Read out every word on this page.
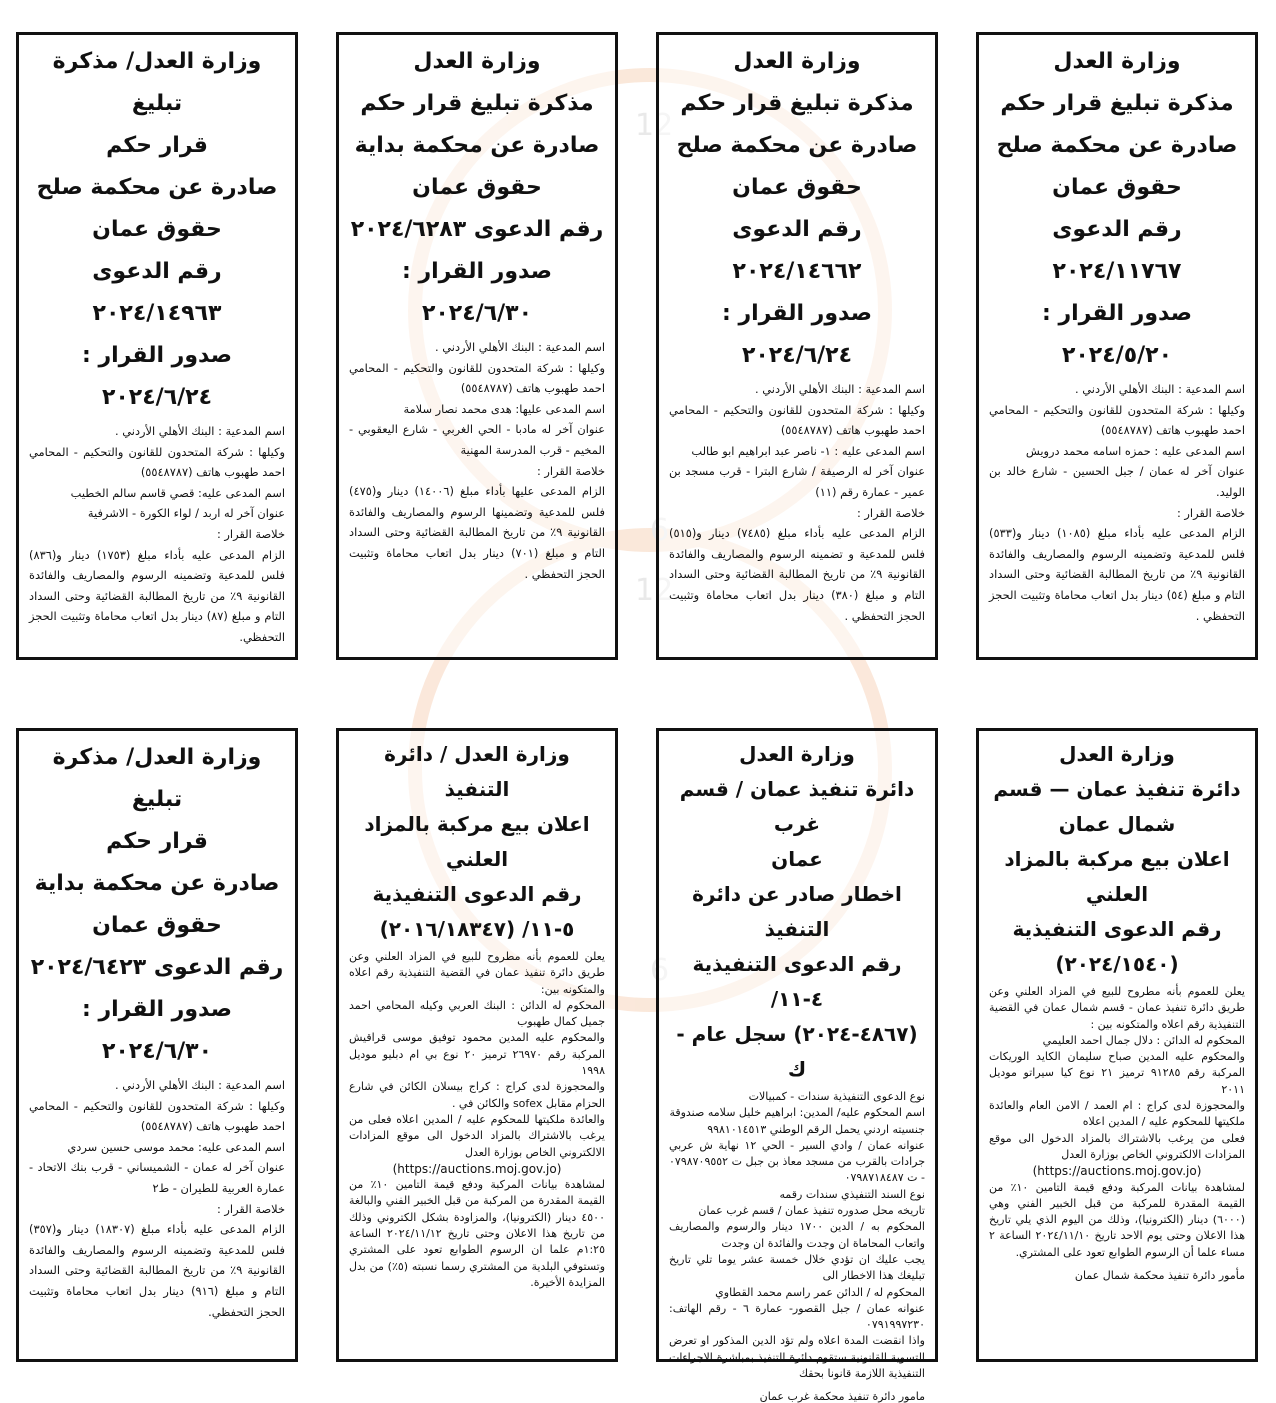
12
12
وزارة العدل
مذكرة تبليغ قرار حكم
صادرة عن محكمة صلح
حقوق عمان
رقم الدعوى ٢٠٢٤/١١٧٦٧
صدور القرار :
٢٠٢٤/٥/٢٠

اسم المدعية : البنك الأهلي الأردني .

وكيلها : شركة المتحدون للقانون والتحكيم - المحامي احمد طهبوب هاتف (٥٥٤٨٧٨٧)

اسم المدعى عليه : حمزه اسامه محمد درويش

عنوان آخر له عمان / جبل الحسين - شارع خالد بن الوليد.

خلاصة القرار :

الزام المدعى عليه بأداء مبلغ (١٠٨٥) دينار و(٥٣٣) فلس للمدعية وتضمينه الرسوم والمصاريف والفائدة القانونية ٩٪ من تاريخ المطالبة القضائية وحتى السداد التام و مبلغ (٥٤) دينار بدل اتعاب محاماة وتثبيت الحجز التحفظي .

وزارة العدل
مذكرة تبليغ قرار حكم
صادرة عن محكمة صلح
حقوق عمان
رقم الدعوى ٢٠٢٤/١٤٦٦٢
صدور القرار :
٢٠٢٤/٦/٢٤

اسم المدعية : البنك الأهلي الأردني .

وكيلها : شركة المتحدون للقانون والتحكيم - المحامي احمد طهبوب هاتف (٥٥٤٨٧٨٧)

اسم المدعى عليه : ١- ناصر عبد ابراهيم ابو طالب

عنوان آخر له الرصيفة / شارع البترا - قرب مسجد بن عمير - عمارة رقم (١١)

خلاصة القرار :

الزام المدعى عليه بأداء مبلغ (٧٤٨٥) دينار و(٥١٥) فلس للمدعية و تضمينه الرسوم والمصاريف والفائدة القانونية ٩٪ من تاريخ المطالبة القضائية وحتى السداد التام و مبلغ (٣٨٠) دينار بدل اتعاب محاماة وتثبيت الحجز التحفظي .

وزارة العدل
مذكرة تبليغ قرار حكم
صادرة عن محكمة بداية
حقوق عمان
رقم الدعوى ٢٠٢٤/٦٢٨٣
صدور القرار :
٢٠٢٤/٦/٣٠

اسم المدعية : البنك الأهلي الأردني .

وكيلها : شركة المتحدون للقانون والتحكيم - المحامي احمد طهبوب هاتف (٥٥٤٨٧٨٧)

اسم المدعى عليها: هدى محمد نصار سلامة

عنوان آخر له مادبا - الحي الغربي - شارع اليعقوبي - المخيم - قرب المدرسة المهنية

خلاصة القرار :

الزام المدعى عليها بأداء مبلغ (١٤٠٠٦) دينار و(٤٧٥) فلس للمدعية وتضمينها الرسوم والمصاريف والفائدة القانونية ٩٪ من تاريخ المطالبة القضائية وحتى السداد التام و مبلغ (٧٠١) دينار بدل اتعاب محاماة وتثبيت الحجز التحفظي .

وزارة العدل/ مذكرة تبليغ
قرار حكم
صادرة عن محكمة صلح
حقوق عمان
رقم الدعوى ٢٠٢٤/١٤٩٦٣
صدور القرار :
٢٠٢٤/٦/٢٤

اسم المدعية : البنك الأهلي الأردني .

وكيلها : شركة المتحدون للقانون والتحكيم - المحامي احمد طهبوب هاتف (٥٥٤٨٧٨٧)

اسم المدعى عليه: قصي قاسم سالم الخطيب

عنوان آخر له اربد / لواء الكورة - الاشرفية

خلاصة القرار :

الزام المدعى عليه بأداء مبلغ (١٧٥٣) دينار و(٨٣٦) فلس للمدعية وتضمينه الرسوم والمصاريف والفائدة القانونية ٩٪ من تاريخ المطالبة القضائية وحتى السداد التام و مبلغ (٨٧) دينار بدل اتعاب محاماة وتثبيت الحجز التحفظي.

وزارة العدل
دائرة تنفيذ عمان — قسم
شمال عمان
اعلان بيع مركبة بالمزاد
العلني
رقم الدعوى التنفيذية
(٢٠٢٤/١٥٤٠)

يعلن للعموم بأنه مطروح للبيع في المزاد العلني وعن طريق دائرة تنفيذ عمان - قسم شمال عمان في القضية التنفيذية رقم اعلاه والمتكونه بين :

المحكوم له الدائن : دلال جمال احمد العليمي

والمحكوم عليه المدين صباح سليمان الكايد الوريكات المركبة رقم ٩١٢٨٥ ترميز ٢١ نوع كيا سيراتو موديل ٢٠١١

والمحجوزة لدى كراج : ام العمد / الامن العام والعائدة ملكيتها للمحكوم عليه / المدين اعلاه

فعلى من يرغب بالاشتراك بالمزاد الدخول الى موقع المزادات الالكتروني الخاص بوزارة العدل

(https://auctions.moj.gov.jo)

لمشاهدة بيانات المركبة ودفع قيمة التامين ١٠٪ من القيمة المقدرة للمركبة من قبل الخبير الفني وهي (٦٠٠٠) دينار (الكترونيا)، وذلك من اليوم الذي يلي تاريخ هذا الاعلان وحتى يوم الاحد تاريخ ٢٠٢٤/١١/١٠ الساعة ٢ مساء علما أن الرسوم الطوابع تعود على المشتري.

مأمور دائرة تنفيذ محكمة شمال عمان
وزارة العدل
دائرة تنفيذ عمان / قسم غرب
عمان
اخطار صادر عن دائرة التنفيذ
رقم الدعوى التنفيذية ٤-١١/
(٤٨٦٧-٢٠٢٤) سجل عام - ك

نوع الدعوى التنفيذية سندات - كمبيالات

اسم المحكوم عليه/ المدين: ابراهيم خليل سلامه صندوقة

جنسيته اردني يحمل الرقم الوطني ٩٩٨١٠١٤٥١٣

عنوانه عمان / وادي السير - الحي ١٢ نهاية ش عربي جرادات بالقرب من مسجد معاذ بن جبل ت ٠٧٩٨٧٠٩٥٥٢ - ت ٠٧٩٨٧١٨٤٨٧

نوع السند التنفيذي سندات رقمه

تاريخه محل صدوره تنفيذ عمان / قسم غرب عمان

المحكوم به / الدين ١٧٠٠ دينار والرسوم والمصاريف واتعاب المحاماة ان وجدت والفائدة ان وجدت

يجب عليك ان تؤدي خلال خمسة عشر يوما تلي تاريخ تبليغك هذا الاخطار الى

المحكوم له / الدائن عمر راسم محمد القطاوي

عنوانه عمان / جبل القصور- عمارة ٦ - رقم الهاتف: ٠٧٩١٩٩٧٢٣٠

واذا انقضت المدة اعلاه ولم تؤد الدين المذكور او تعرض التسوية القانونية ستقوم دائرة التنفيذ بمباشرة الاجراءات التنفيذية اللازمة قانونا بحقك

مامور دائرة تنفيذ محكمة غرب عمان
وزارة العدل / دائرة
التنفيذ
اعلان بيع مركبة بالمزاد
العلني
رقم الدعوى التنفيذية
٥-١١/ (٢٠١٦/١٨٣٤٧)

يعلن للعموم بأنه مطروح للبيع في المزاد العلني وعن طريق دائرة تنفيذ عمان في القضية التنفيذية رقم اعلاه والمتكونه بين:

المحكوم له الدائن : البنك العربي وكيله المحامي احمد جميل كمال طهبوب

والمحكوم عليه المدين محمود توفيق موسى قراقيش المركبة رقم ٢٦٩٧٠ ترميز ٢٠ نوع بي ام دبليو موديل ١٩٩٨

والمحجوزة لدى كراج : كراج بيسلان الكائن في شارع الحزام مقابل sofex والكائن في .

والعائدة ملكيتها للمحكوم عليه / المدين اعلاه فعلى من يرغب بالاشتراك بالمزاد الدخول الى موقع المزادات الالكتروني الخاص بوزارة العدل

(https://auctions.moj.gov.jo)

لمشاهدة بيانات المركبة ودفع قيمة التامين ١٠٪ من القيمة المقدرة من المركبة من قبل الخبير الفني والبالغة ٤٥٠٠ دينار (الكترونيا)، والمزاودة بشكل الكتروني وذلك من تاريخ هذا الاعلان وحتى تاريخ ٢٠٢٤/١١/١٢ الساعة ١:٢٥م علما ان الرسوم الطوابع تعود على المشتري وتستوفي البلدية من المشتري رسما نسبته (٥٪) من بدل المزايدة الأخيرة.

وزارة العدل/ مذكرة تبليغ
قرار حكم
صادرة عن محكمة بداية
حقوق عمان
رقم الدعوى ٢٠٢٤/٦٤٢٣
صدور القرار :
٢٠٢٤/٦/٣٠

اسم المدعية : البنك الأهلي الأردني .

وكيلها : شركة المتحدون للقانون والتحكيم - المحامي احمد طهبوب هاتف (٥٥٤٨٧٨٧)

اسم المدعى عليه: محمد موسى حسين سردي

عنوان آخر له عمان - الشميساني - قرب بنك الاتحاد - عمارة العربية للطيران - ط٢

خلاصة القرار :

الزام المدعى عليه بأداء مبلغ (١٨٣٠٧) دينار و(٣٥٧) فلس للمدعية وتضمينه الرسوم والمصاريف والفائدة القانونية ٩٪ من تاريخ المطالبة القضائية وحتى السداد التام و مبلغ (٩١٦) دينار بدل اتعاب محاماة وتثبيت الحجز التحفظي.
